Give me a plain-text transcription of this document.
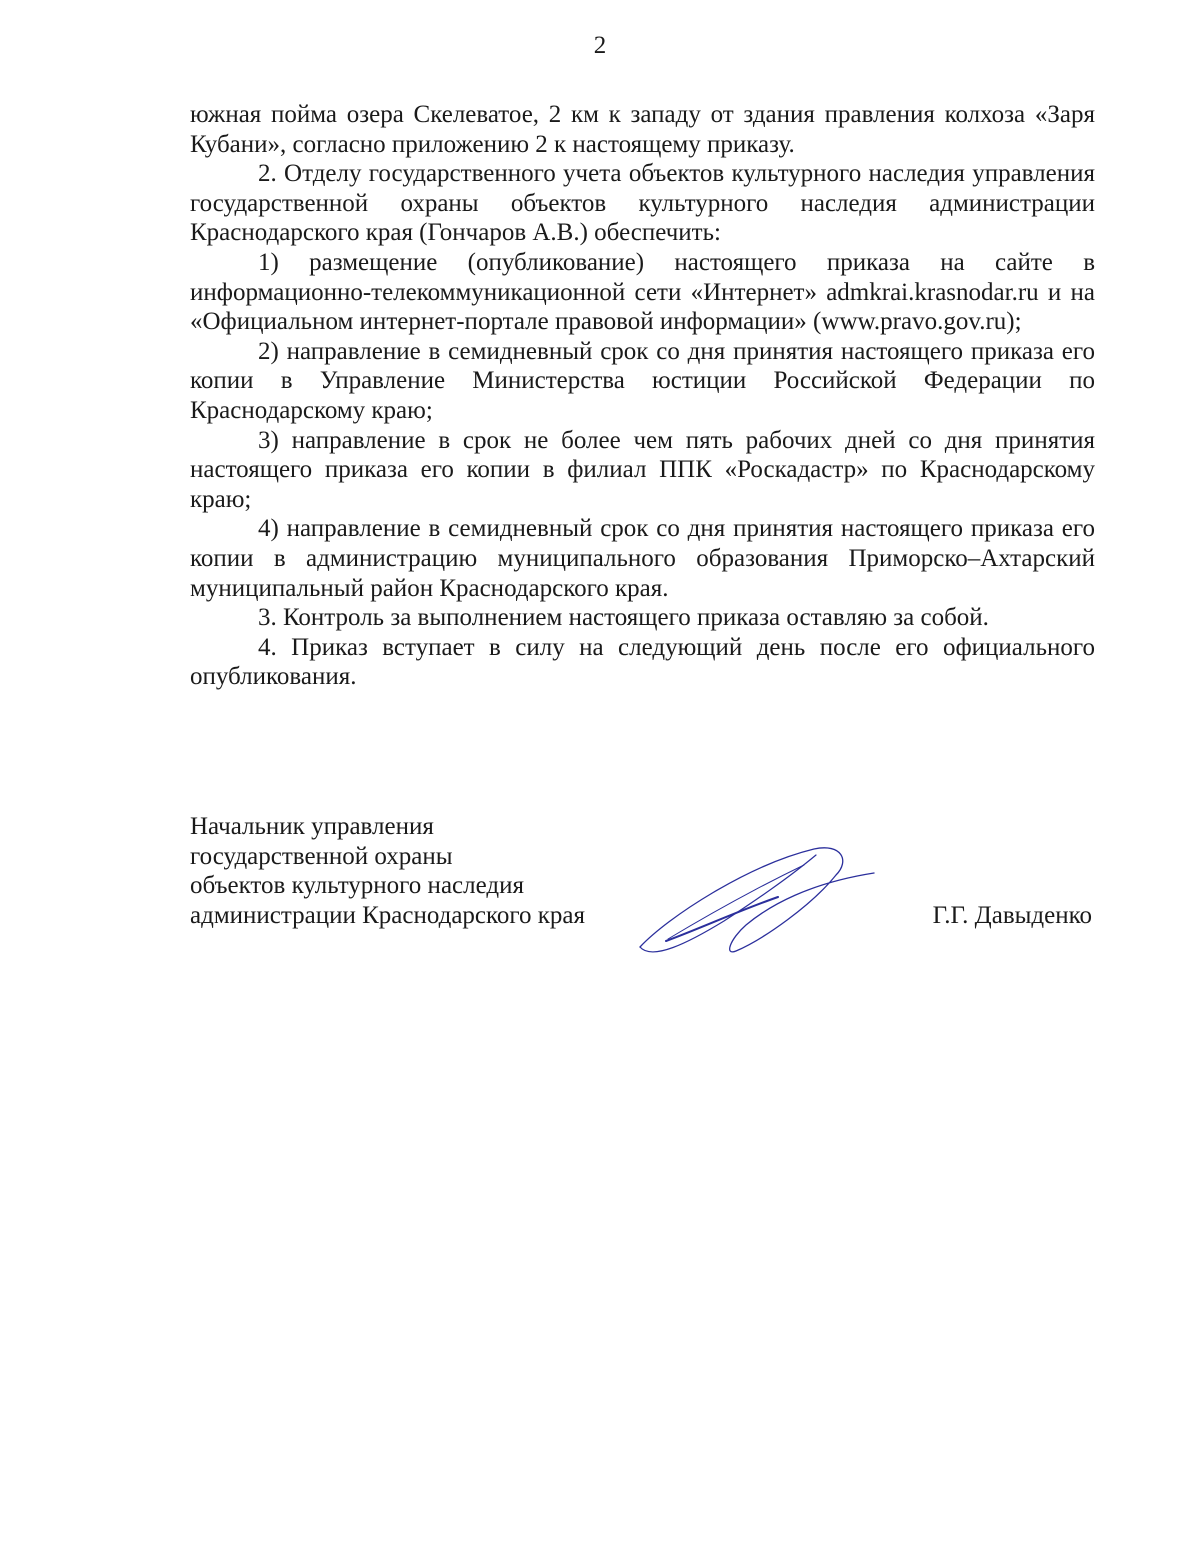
2

южная пойма озера Скелеватое, 2 км к западу от здания правления колхоза «Заря Кубани», согласно приложению 2 к настоящему приказу.

2. Отделу государственного учета объектов культурного наследия управления государственной охраны объектов культурного наследия администрации Краснодарского края (Гончаров А.В.) обеспечить:

1) размещение (опубликование) настоящего приказа на сайте в информационно-телекоммуникационной сети «Интернет» admkrai.krasnodar.ru и на «Официальном интернет-портале правовой информации» (www.pravo.gov.ru);

2) направление в семидневный срок со дня принятия настоящего приказа его копии в Управление Министерства юстиции Российской Федерации по Краснодарскому краю;

3) направление в срок не более чем пять рабочих дней со дня принятия настоящего приказа его копии в филиал ППК «Роскадастр» по Краснодарскому краю;

4) направление в семидневный срок со дня принятия настоящего приказа его копии в администрацию муниципального образования Приморско–Ахтарский муниципальный район Краснодарского края.

3. Контроль за выполнением настоящего приказа оставляю за собой.

4. Приказ вступает в силу на следующий день после его официального опубликования.

Начальник управления
государственной охраны
объектов культурного наследия
администрации Краснодарского края	Г.Г. Давыденко
